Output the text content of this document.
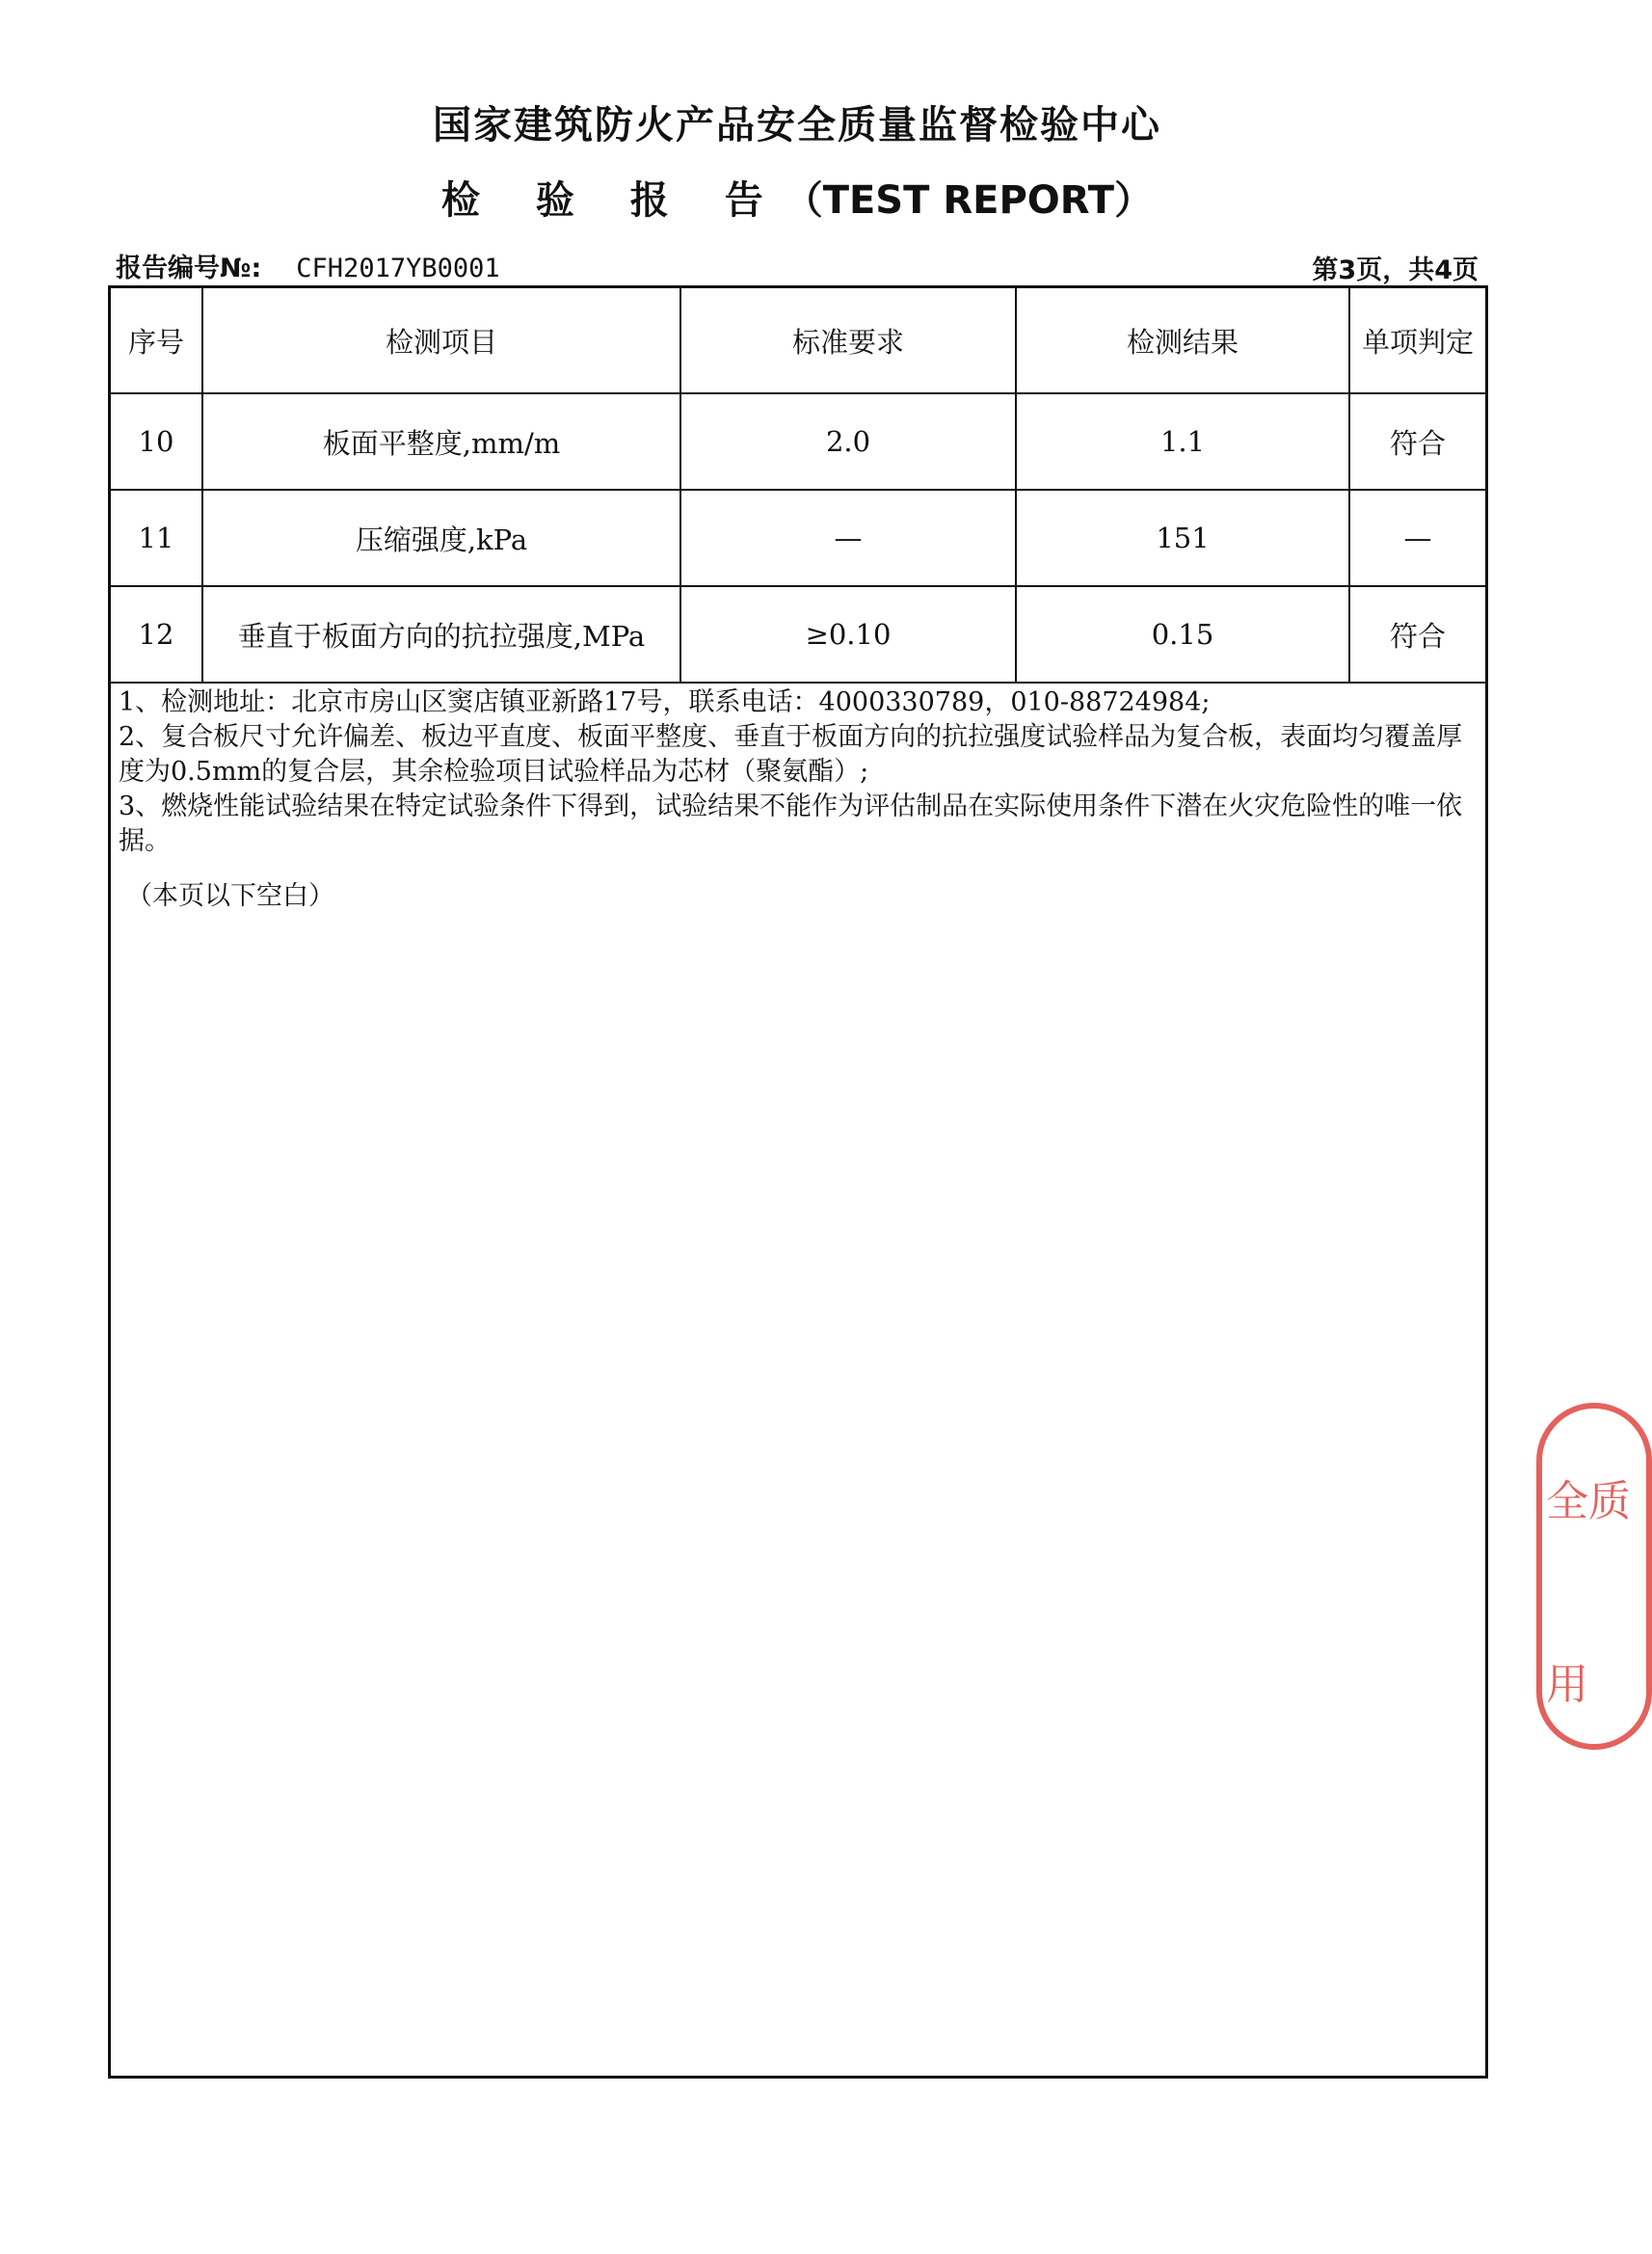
国家建筑防火产品安全质量监督检验中心
检 验 报 告（TEST REPORT）
报告编号№: CFH2017YB0001	第3页，共4页
序号	检测项目	标准要求	检测结果	单项判定
10	板面平整度,mm/m	2.0	1.1	符合
11	压缩强度,kPa	—	151	—
12	垂直于板面方向的抗拉强度,MPa	≥0.10	0.15	符合

1、检测地址：北京市房山区窦店镇亚新路17号，联系电话：4000330789，010-88724984;

2、复合板尺寸允许偏差、板边平直度、板面平整度、垂直于板面方向的抗拉强度试验样品为复合板，表面均匀覆盖厚度为0.5mm的复合层，其余检验项目试验样品为芯材（聚氨酯）;

3、燃烧性能试验结果在特定试验条件下得到，试验结果不能作为评估制品在实际使用条件下潜在火灾危险性的唯一依据。

（本页以下空白）
全质
用
